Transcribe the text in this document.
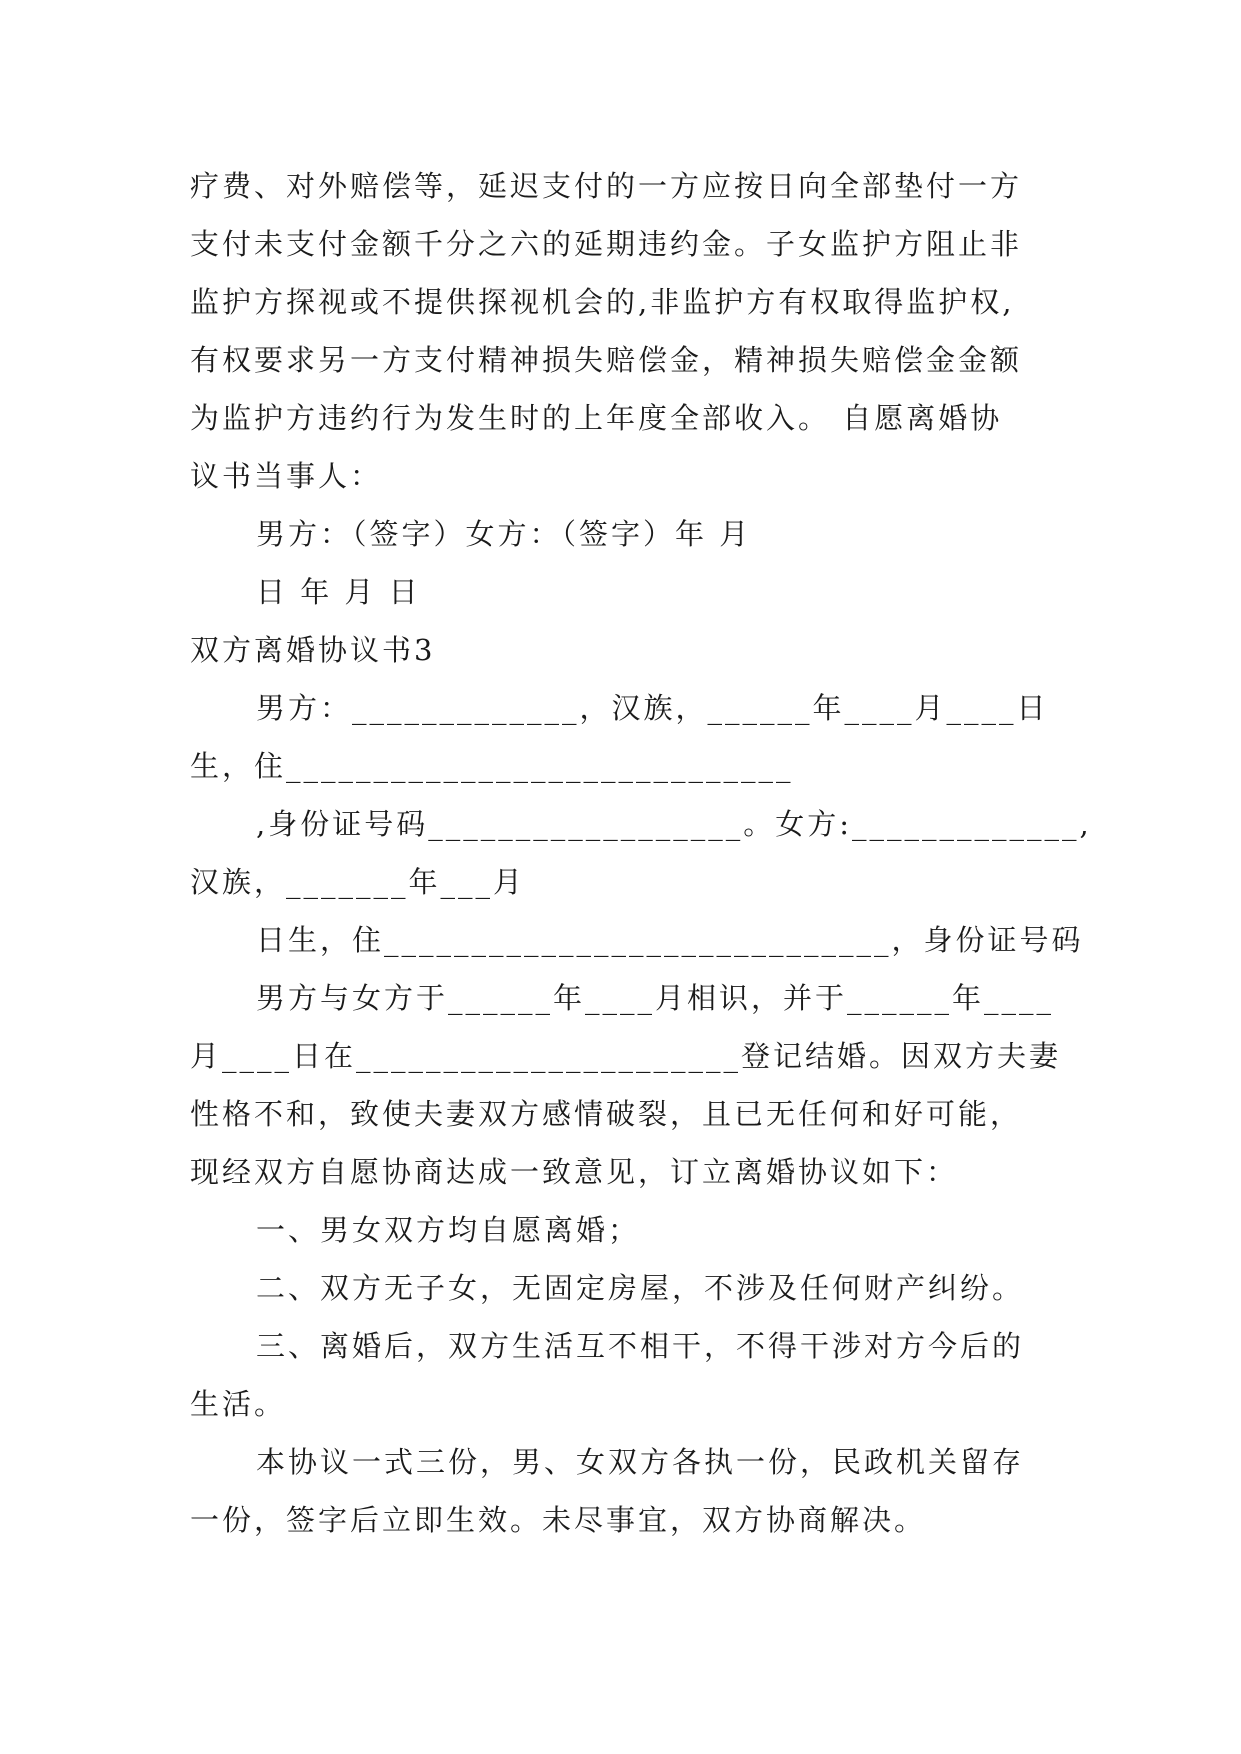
疗费、对外赔偿等，延迟支付的一方应按日向全部垫付一方
支付未支付金额千分之六的延期违约金。子女监护方阻止非
监护方探视或不提供探视机会的,非监护方有权取得监护权,
有权要求另一方支付精神损失赔偿金，精神损失赔偿金金额
为监护方违约行为发生时的上年度全部收入。 自愿离婚协
议书当事人：
男方：（签字）女方：（签字）年 月
日 年 月 日
双方离婚协议书3
男方：_____________，汉族，______年____月____日
生，住_____________________________
,身份证号码__________________。女方:_____________,
汉族，_______年___月
日生，住_____________________________，身份证号码
男方与女方于______年____月相识，并于______年____
月____日在______________________登记结婚。因双方夫妻
性格不和，致使夫妻双方感情破裂，且已无任何和好可能，
现经双方自愿协商达成一致意见，订立离婚协议如下：
一、男女双方均自愿离婚；
二、双方无子女，无固定房屋，不涉及任何财产纠纷。
三、离婚后，双方生活互不相干，不得干涉对方今后的
生活。
本协议一式三份，男、女双方各执一份，民政机关留存
一份，签字后立即生效。未尽事宜，双方协商解决。
